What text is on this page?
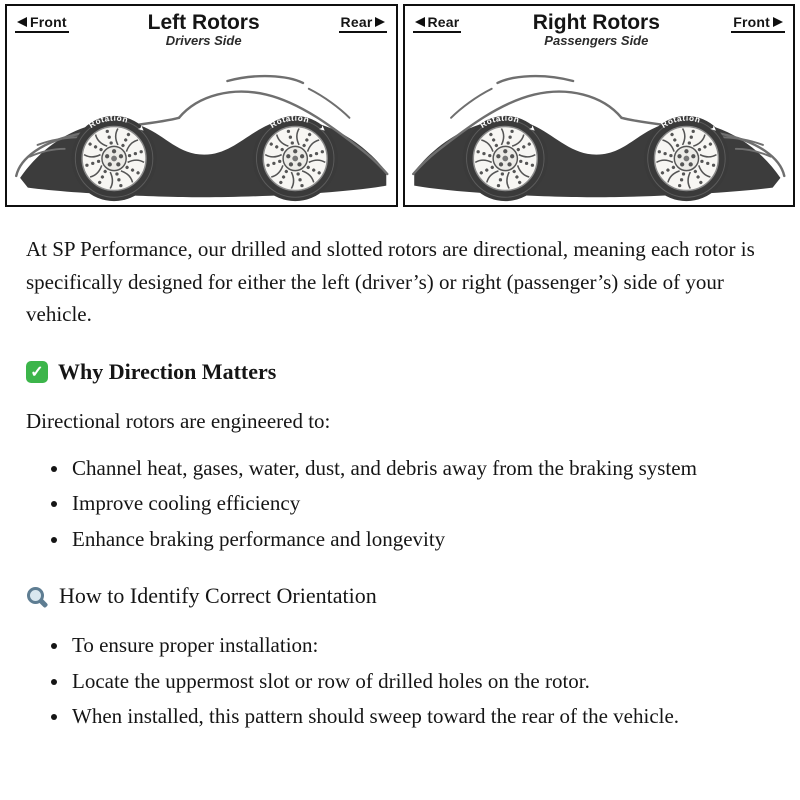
Front	Left Rotors
Drivers Side
Rear
Rotation
➤	Rotation
➤
Rear	Right Rotors
Passengers Side
Front
Rotation
➤	Rotation
➤

At SP Performance, our drilled and slotted rotors are directional, meaning each rotor is specifically designed for either the left (driver’s) or right (passenger’s) side of your vehicle.

✓
Why Direction Matters

Directional rotors are engineered to:

• Channel heat, gases, water, dust, and debris away from the braking system
• Improve cooling efficiency
• Enhance braking performance and longevity
How to Identify Correct Orientation
• To ensure proper installation:
• Locate the uppermost slot or row of drilled holes on the rotor.
• When installed, this pattern should sweep toward the rear of the vehicle.
